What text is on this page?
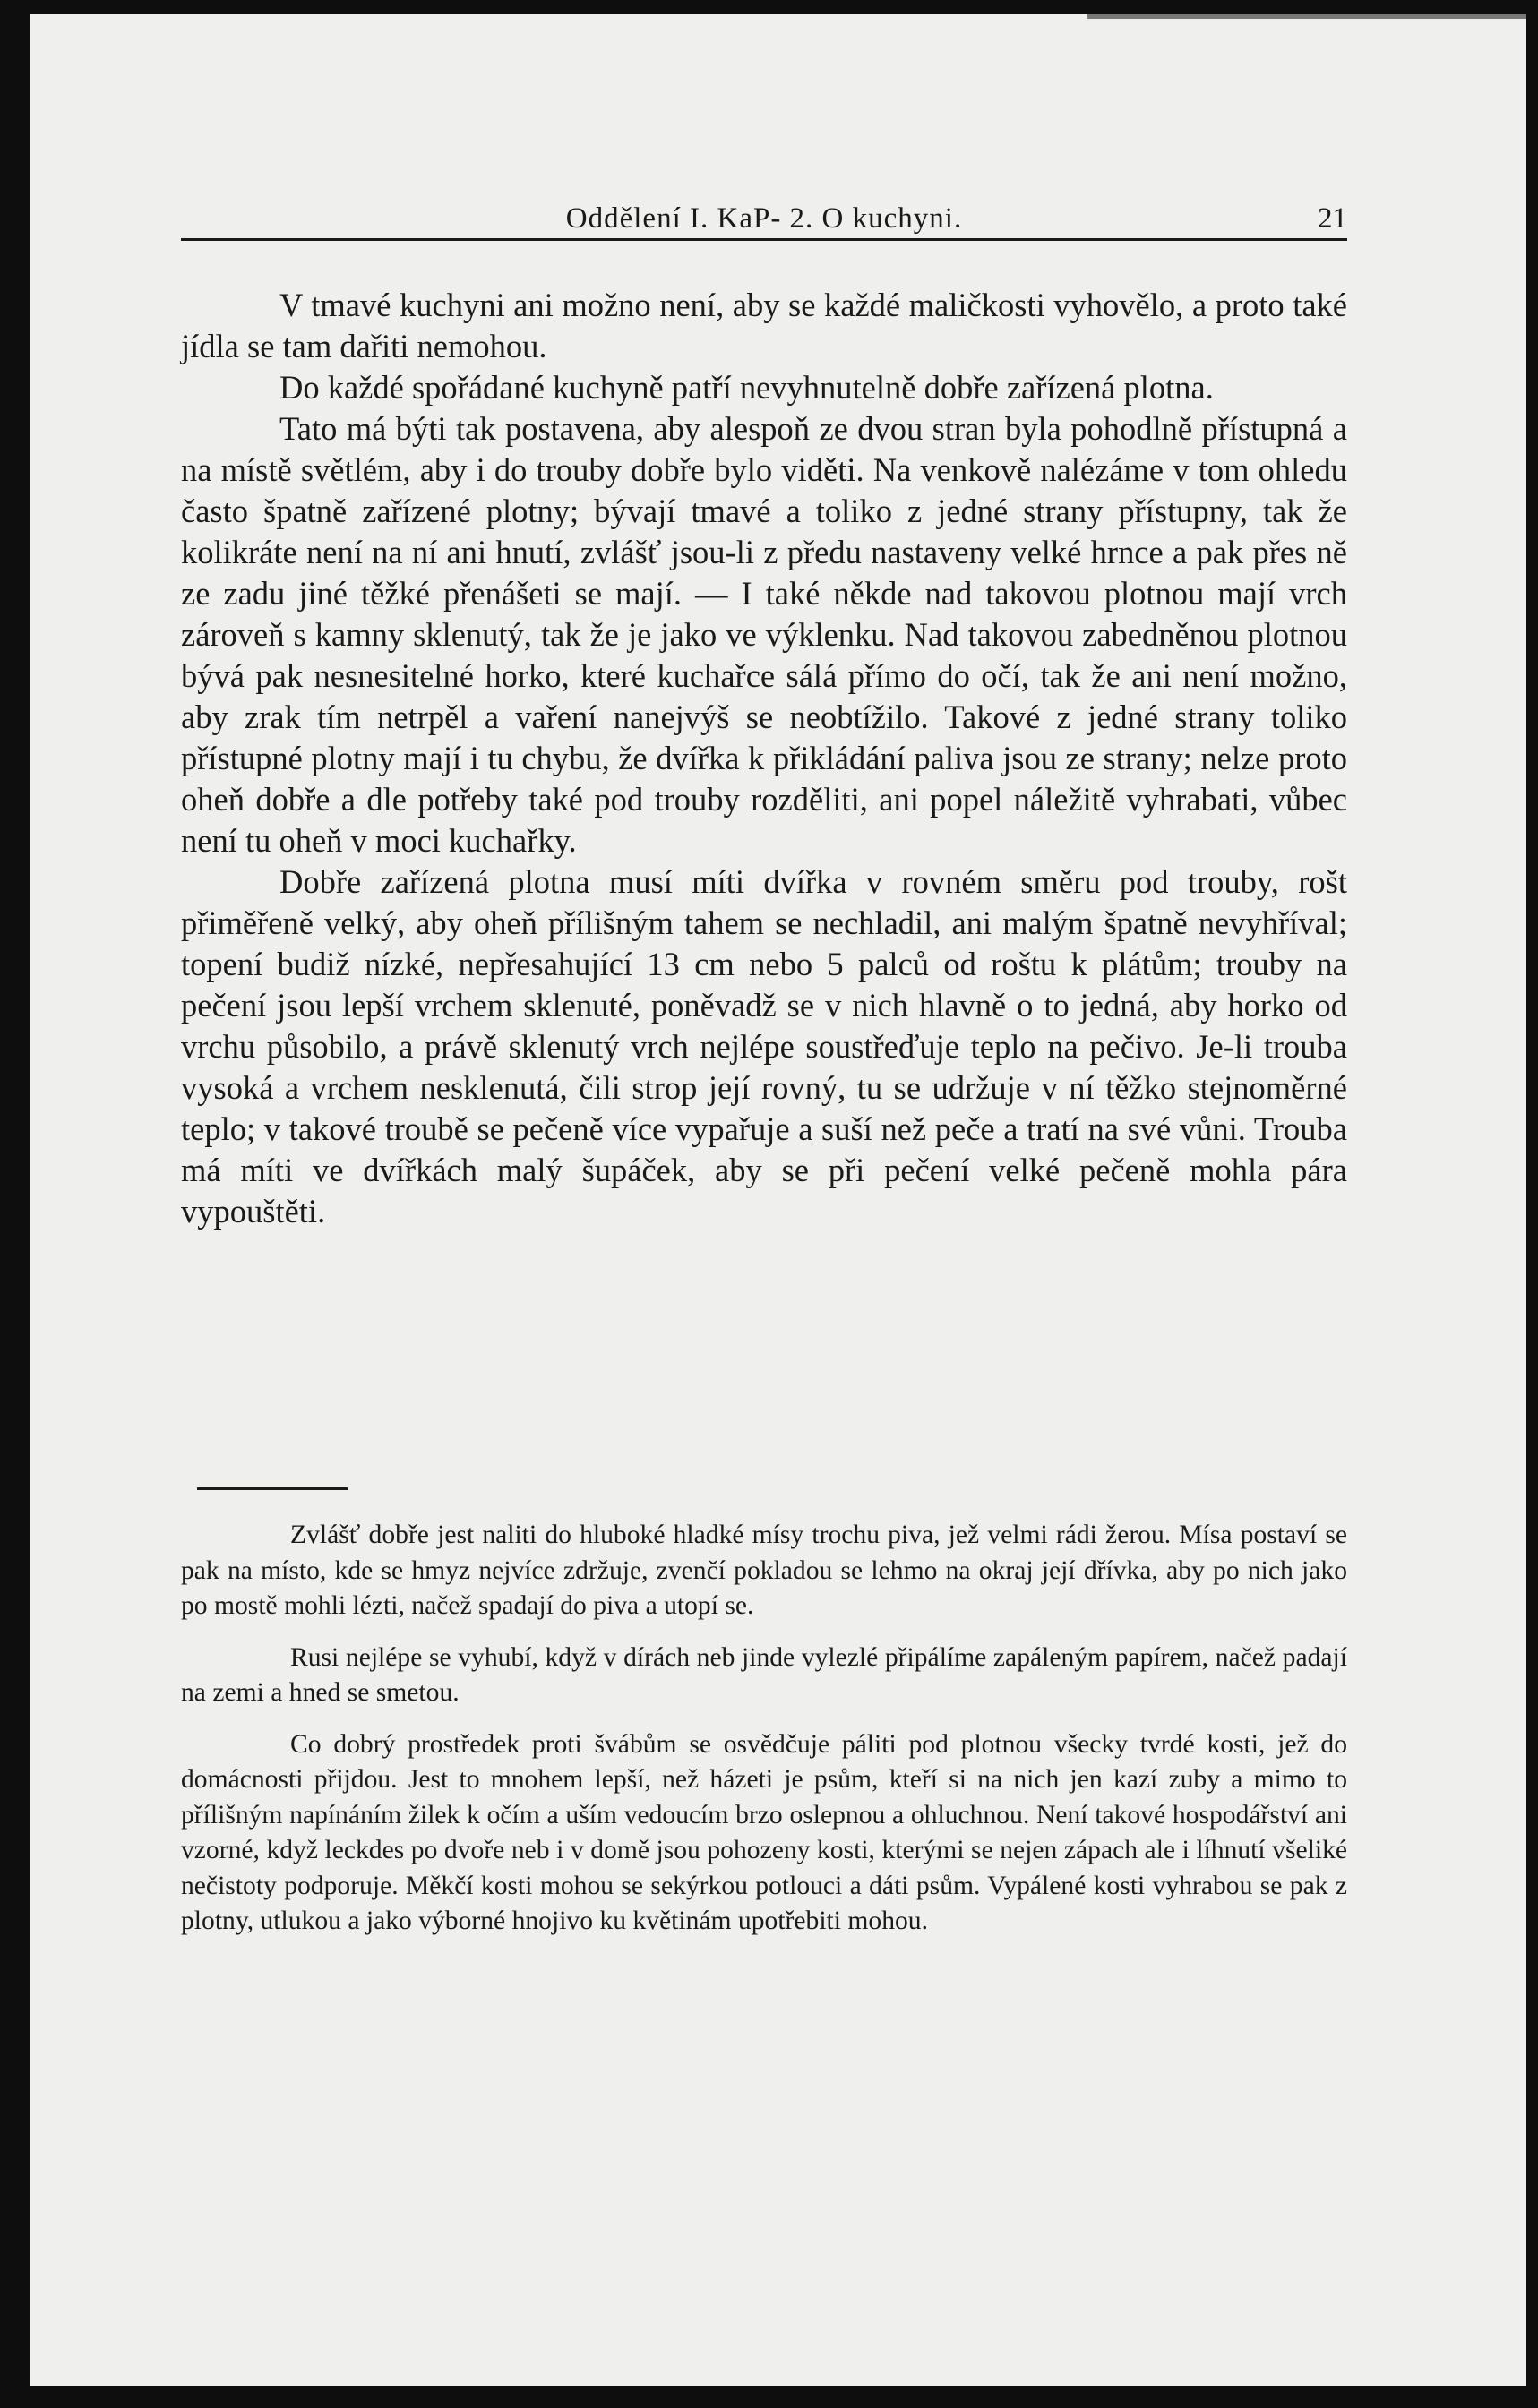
Oddělení I. KaP- 2. O kuchyni.	21

V tmavé kuchyni ani možno není, aby se každé maličkosti vyhovělo, a proto také jídla se tam dařiti nemohou.

Do každé spořádané kuchyně patří nevyhnutelně dobře zařízená plotna.

Tato má býti tak postavena, aby alespoň ze dvou stran byla pohodlně přístupná a na místě světlém, aby i do trouby dobře bylo viděti. Na venkově nalézáme v tom ohledu často špatně zařízené plotny; bývají tmavé a toliko z jedné strany přístupny, tak že kolikráte není na ní ani hnutí, zvlášť jsou-li z předu nastaveny velké hrnce a pak přes ně ze zadu jiné těžké přenášeti se mají. — I také někde nad takovou plotnou mají vrch zároveň s kamny sklenutý, tak že je jako ve výklenku. Nad takovou zabedněnou plotnou bývá pak nesnesitelné horko, které kuchařce sálá přímo do očí, tak že ani není možno, aby zrak tím netrpěl a vaření nanejvýš se neobtížilo. Takové z jedné strany toliko přístupné plotny mají i tu chybu, že dvířka k přikládání paliva jsou ze strany; nelze proto oheň dobře a dle potřeby také pod trouby rozděliti, ani popel náležitě vyhrabati, vůbec není tu oheň v moci kuchařky.

Dobře zařízená plotna musí míti dvířka v rovném směru pod trouby, rošt přiměřeně velký, aby oheň přílišným tahem se nechladil, ani malým špatně nevyhříval; topení budiž nízké, nepřesahující 13 cm nebo 5 palců od roštu k plátům; trouby na pečení jsou lepší vrchem sklenuté, poněvadž se v nich hlavně o to jedná, aby horko od vrchu působilo, a právě sklenutý vrch nejlépe soustřeďuje teplo na pečivo. Je-li trouba vysoká a vrchem nesklenutá, čili strop její rovný, tu se udržuje v ní těžko stejnoměrné teplo; v takové troubě se pečeně více vypařuje a suší než peče a tratí na své vůni. Trouba má míti ve dvířkách malý šupáček, aby se při pečení velké pečeně mohla pára vypouštěti.

Zvlášť dobře jest naliti do hluboké hladké mísy trochu piva, jež velmi rádi žerou. Mísa postaví se pak na místo, kde se hmyz nejvíce zdržuje, zvenčí pokladou se lehmo na okraj její dřívka, aby po nich jako po mostě mohli lézti, načež spadají do piva a utopí se.

Rusi nejlépe se vyhubí, když v dírách neb jinde vylezlé připálíme zapáleným papírem, načež padají na zemi a hned se smetou.

Co dobrý prostředek proti švábům se osvědčuje páliti pod plotnou všecky tvrdé kosti, jež do domácnosti přijdou. Jest to mnohem lepší, než házeti je psům, kteří si na nich jen kazí zuby a mimo to přílišným napínáním žilek k očím a uším vedoucím brzo oslepnou a ohluchnou. Není takové hospodářství ani vzorné, když leckdes po dvoře neb i v domě jsou pohozeny kosti, kterými se nejen zápach ale i líhnutí všeliké nečistoty podporuje. Měkčí kosti mohou se sekýrkou potlouci a dáti psům. Vypálené kosti vyhrabou se pak z plotny, utlukou a jako výborné hnojivo ku květinám upotřebiti mohou.
